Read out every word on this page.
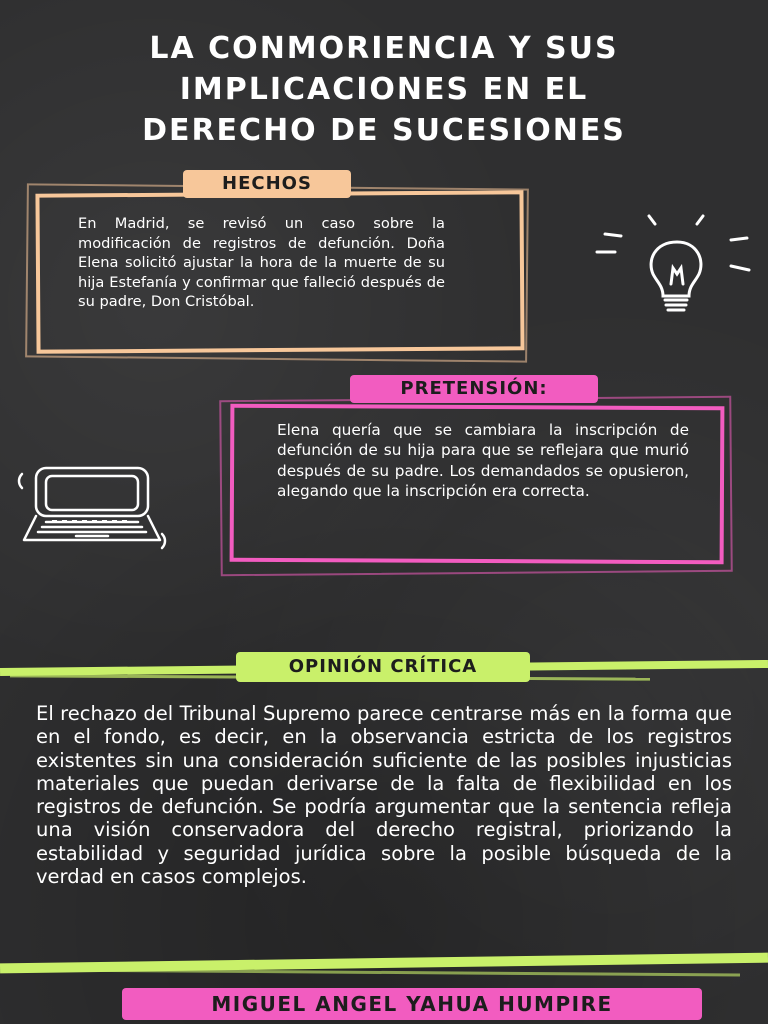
LA CONMORIENCIA Y SUS
IMPLICACIONES EN EL
DERECHO DE SUCESIONES
HECHOS
En Madrid, se revisó un caso sobre la modificación de registros de defunción. Doña Elena solicitó ajustar la hora de la muerte de su hija Estefanía y confirmar que falleció después de su padre, Don Cristóbal.
PRETENSIÓN:
Elena quería que se cambiara la inscripción de defunción de su hija para que se reflejara que murió después de su padre. Los demandados se opusieron, alegando que la inscripción era correcta.
OPINIÓN CRÍTICA
El rechazo del Tribunal Supremo parece centrarse más en la forma que en el fondo, es decir, en la observancia estricta de los registros existentes sin una consideración suficiente de las posibles injusticias materiales que puedan derivarse de la falta de flexibilidad en los registros de defunción. Se podría argumentar que la sentencia refleja una visión conservadora del derecho registral, priorizando la estabilidad y seguridad jurídica sobre la posible búsqueda de la verdad en casos complejos.
MIGUEL ANGEL YAHUA HUMPIRE
